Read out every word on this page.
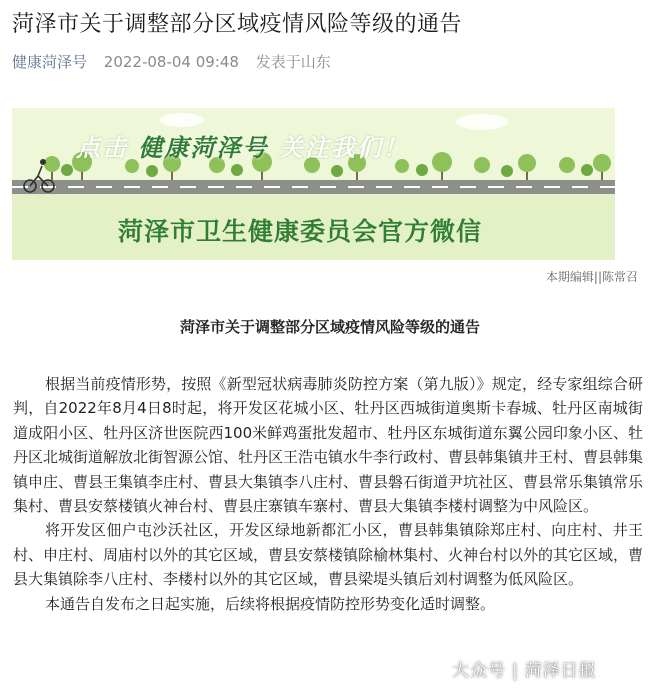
菏泽市关于调整部分区域疫情风险等级的通告
健康菏泽号 2022-08-04 09:48 发表于山东
点击 健康菏泽号 关注我们！
菏泽市卫生健康委员会官方微信
本期编辑||陈常召
菏泽市关于调整部分区域疫情风险等级的通告

根据当前疫情形势，按照《新型冠状病毒肺炎防控方案（第九版）》规定，经专家组综合研判，自2022年8月4日8时起，将开发区花城小区、牡丹区西城街道奥斯卡春城、牡丹区南城街道成阳小区、牡丹区济世医院西100米鲜鸡蛋批发超市、牡丹区东城街道东翼公园印象小区、牡丹区北城街道解放北街智源公馆、牡丹区王浩屯镇水牛李行政村、曹县韩集镇井王村、曹县韩集镇申庄、曹县王集镇李庄村、曹县大集镇李八庄村、曹县磐石街道尹坑社区、曹县常乐集镇常乐集村、曹县安蔡楼镇火神台村、曹县庄寨镇车寨村、曹县大集镇李楼村调整为中风险区。

将开发区佃户屯沙沃社区，开发区绿地新都汇小区，曹县韩集镇除郑庄村、向庄村、井王村、申庄村、周庙村以外的其它区域，曹县安蔡楼镇除榆林集村、火神台村以外的其它区域，曹县大集镇除李八庄村、李楼村以外的其它区域，曹县梁堤头镇后刘村调整为低风险区。

本通告自发布之日起实施，后续将根据疫情防控形势变化适时调整。

大众号 | 菏泽日报
